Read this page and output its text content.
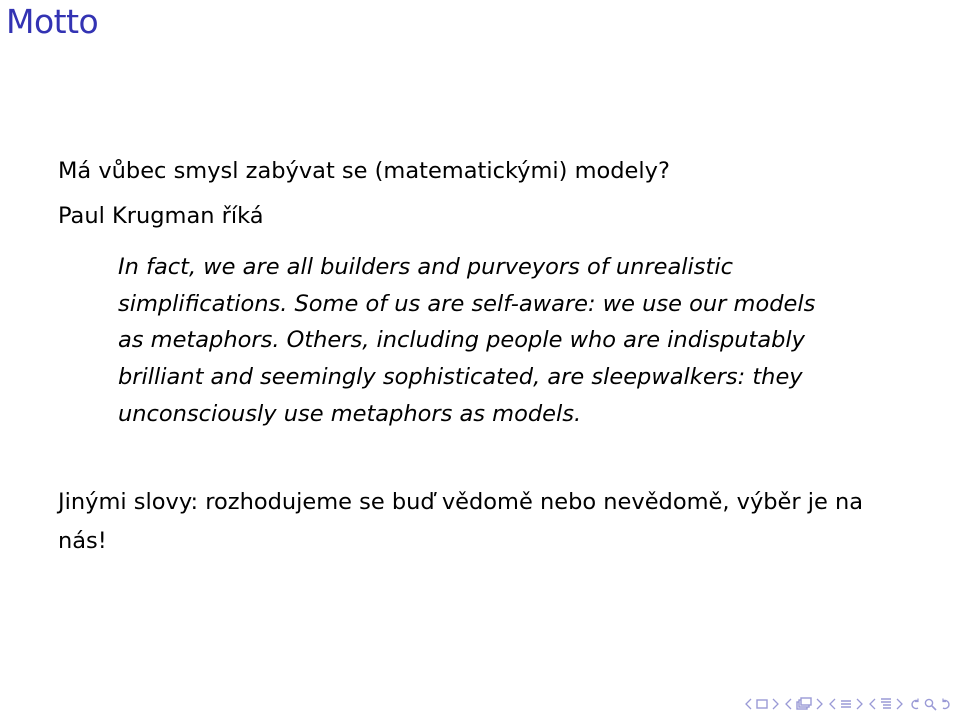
Motto

Má vůbec smysl zabývat se (matematickými) modely?

Paul Krugman říká

In fact, we are all builders and purveyors of unrealistic simplifications. Some of us are self-aware: we use our models as metaphors. Others, including people who are indisputably brilliant and seemingly sophisticated, are sleepwalkers: they unconsciously use metaphors as models.

Jinými slovy: rozhodujeme se buď vědomě nebo nevědomě, výběr je na nás!
